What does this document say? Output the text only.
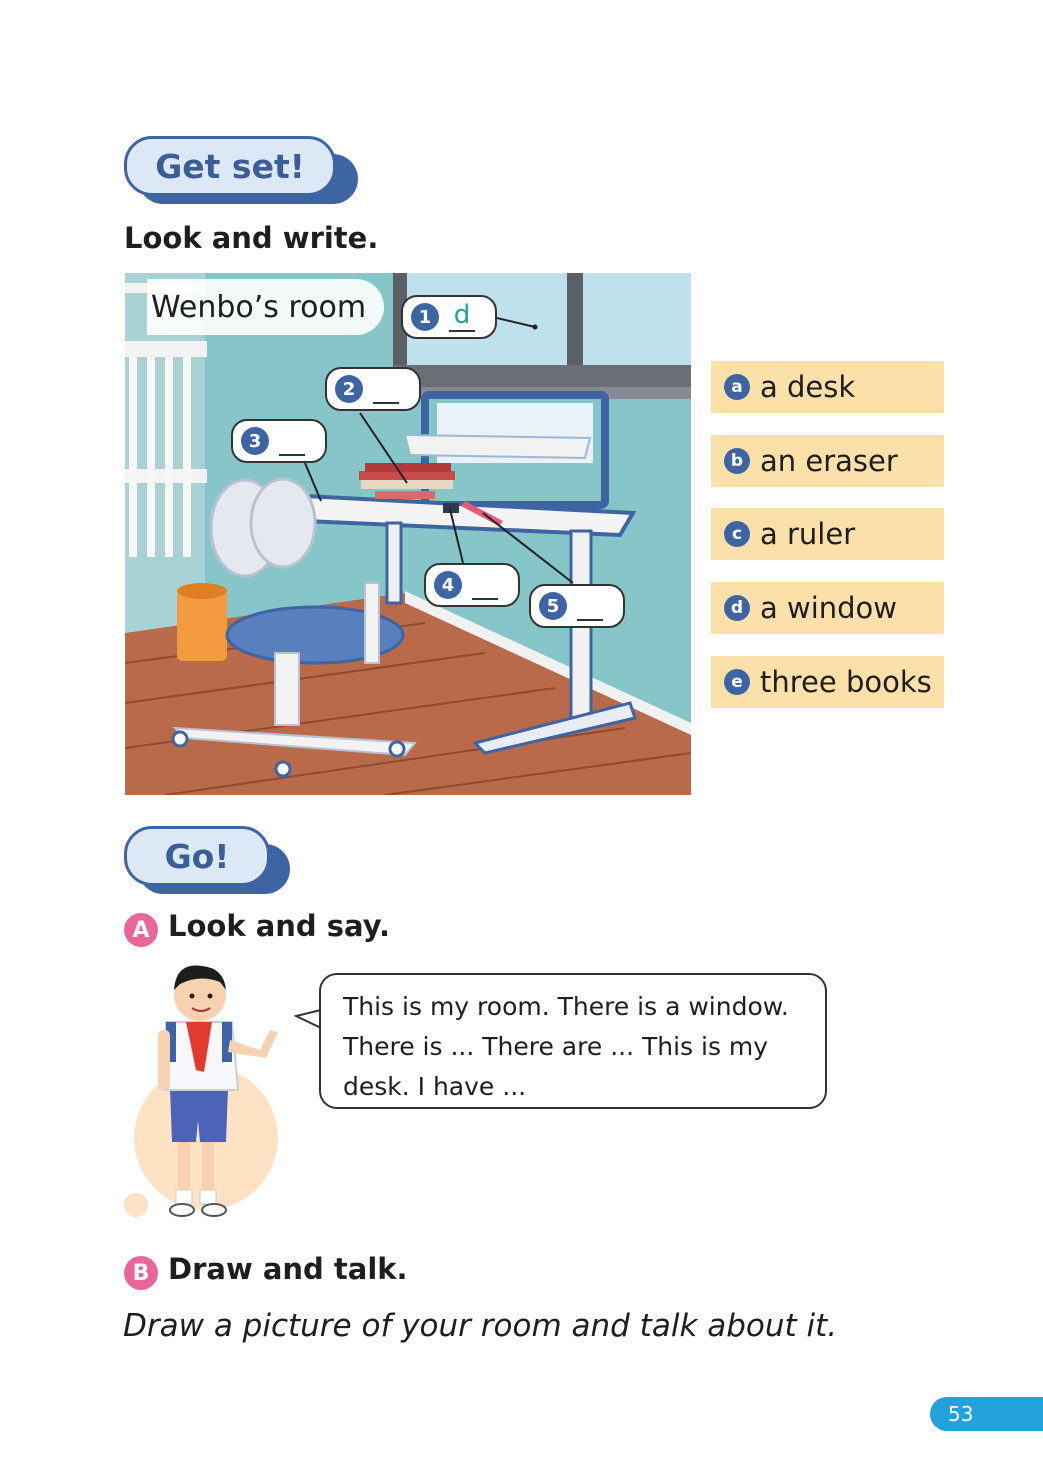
Get set!
Look and write.
Wenbo’s room	1 d
2
3
4
5
a a desk
b an eraser
c a ruler
d a window
e three books
Go!
A Look and say.
This is my room. There is a window.
There is ... There are ... This is my
desk. I have ...
B Draw and talk.
Draw a picture of your room and talk about it.
53
